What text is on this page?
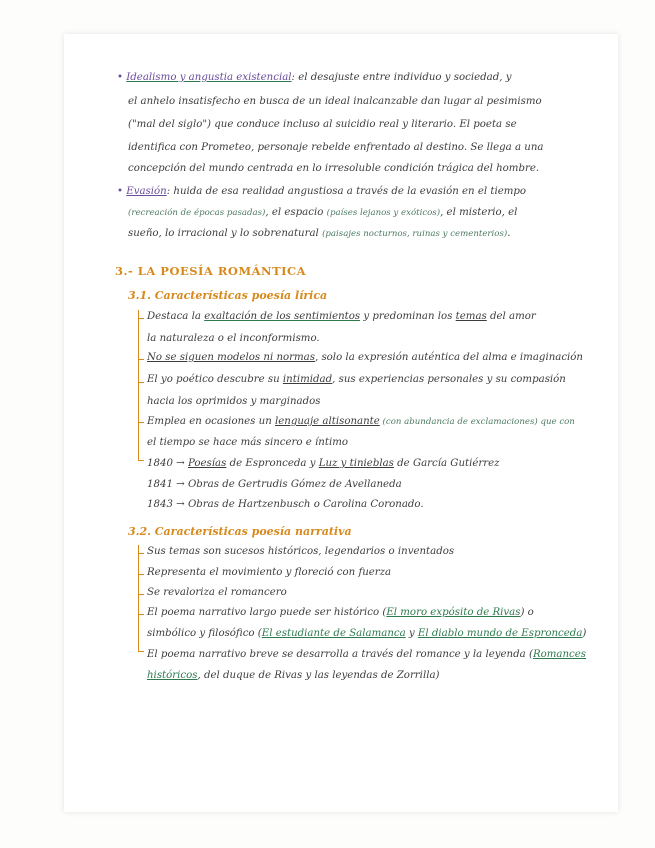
• Idealismo y angustia existencial: el desajuste entre individuo y sociedad, y
el anhelo insatisfecho en busca de un ideal inalcanzable dan lugar al pesimismo
("mal del siglo") que conduce incluso al suicidio real y literario. El poeta se
identifica con Prometeo, personaje rebelde enfrentado al destino. Se llega a una
concepción del mundo centrada en lo irresoluble condición trágica del hombre.
• Evasión: huida de esa realidad angustiosa a través de la evasión en el tiempo
(recreación de épocas pasadas), el espacio (países lejanos y exóticos), el misterio, el
sueño, lo irracional y lo sobrenatural (paisajes nocturnos, ruinas y cementerios).
3.- LA POESÍA ROMÁNTICA
3.1. Características poesía lírica
Destaca la exaltación de los sentimientos y predominan los temas del amor
la naturaleza o el inconformismo.
No se siguen modelos ni normas, solo la expresión auténtica del alma e imaginación
El yo poético descubre su intimidad, sus experiencias personales y su compasión
hacia los oprimidos y marginados
Emplea en ocasiones un lenguaje altisonante (con abundancia de exclamaciones) que con
el tiempo se hace más sincero e íntimo
1840 → Poesías de Espronceda y Luz y tinieblas de García Gutiérrez
1841 → Obras de Gertrudis Gómez de Avellaneda
1843 → Obras de Hartzenbusch o Carolina Coronado.
3.2. Características poesía narrativa
Sus temas son sucesos históricos, legendarios o inventados
Representa el movimiento y floreció con fuerza
Se revaloriza el romancero
El poema narrativo largo puede ser histórico (El moro expósito de Rivas) o
simbólico y filosófico (El estudiante de Salamanca y El diablo mundo de Espronceda)
El poema narrativo breve se desarrolla a través del romance y la leyenda (Romances
históricos, del duque de Rivas y las leyendas de Zorrilla)
